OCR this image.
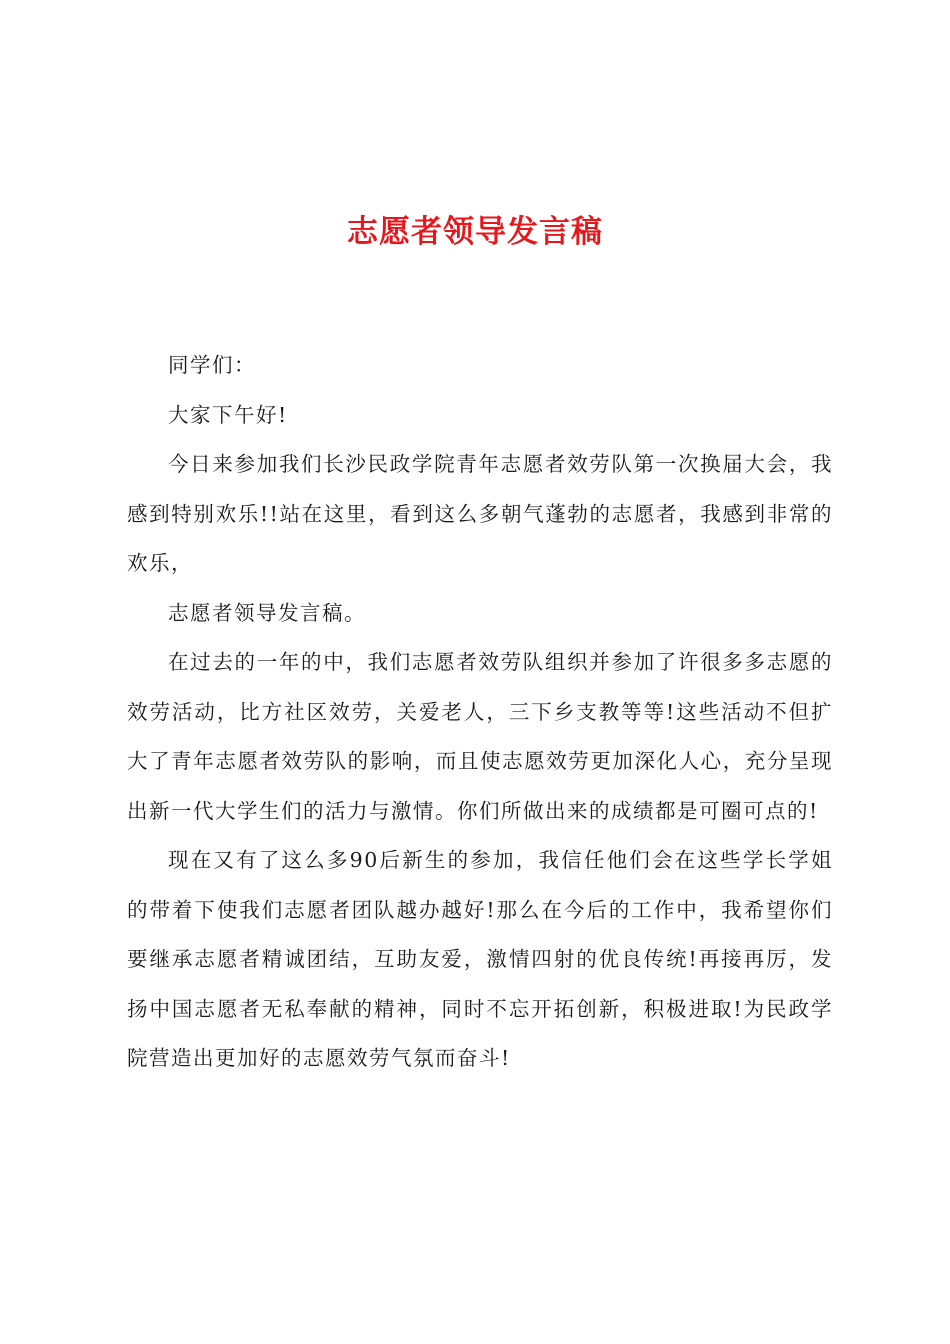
志愿者领导发言稿

同学们：

大家下午好!

今日来参加我们长沙民政学院青年志愿者效劳队第一次换届大会，我感到特别欢乐!!站在这里，看到这么多朝气蓬勃的志愿者，我感到非常的欢乐，

志愿者领导发言稿。

在过去的一年的中，我们志愿者效劳队组织并参加了许很多多志愿的效劳活动，比方社区效劳，关爱老人，三下乡支教等等!这些活动不但扩大了青年志愿者效劳队的影响，而且使志愿效劳更加深化人心，充分呈现出新一代大学生们的活力与激情。你们所做出来的成绩都是可圈可点的!

现在又有了这么多90后新生的参加，我信任他们会在这些学长学姐的带着下使我们志愿者团队越办越好!那么在今后的工作中，我希望你们要继承志愿者精诚团结，互助友爱，激情四射的优良传统!再接再厉，发扬中国志愿者无私奉献的精神，同时不忘开拓创新，积极进取!为民政学院营造出更加好的志愿效劳气氛而奋斗!
